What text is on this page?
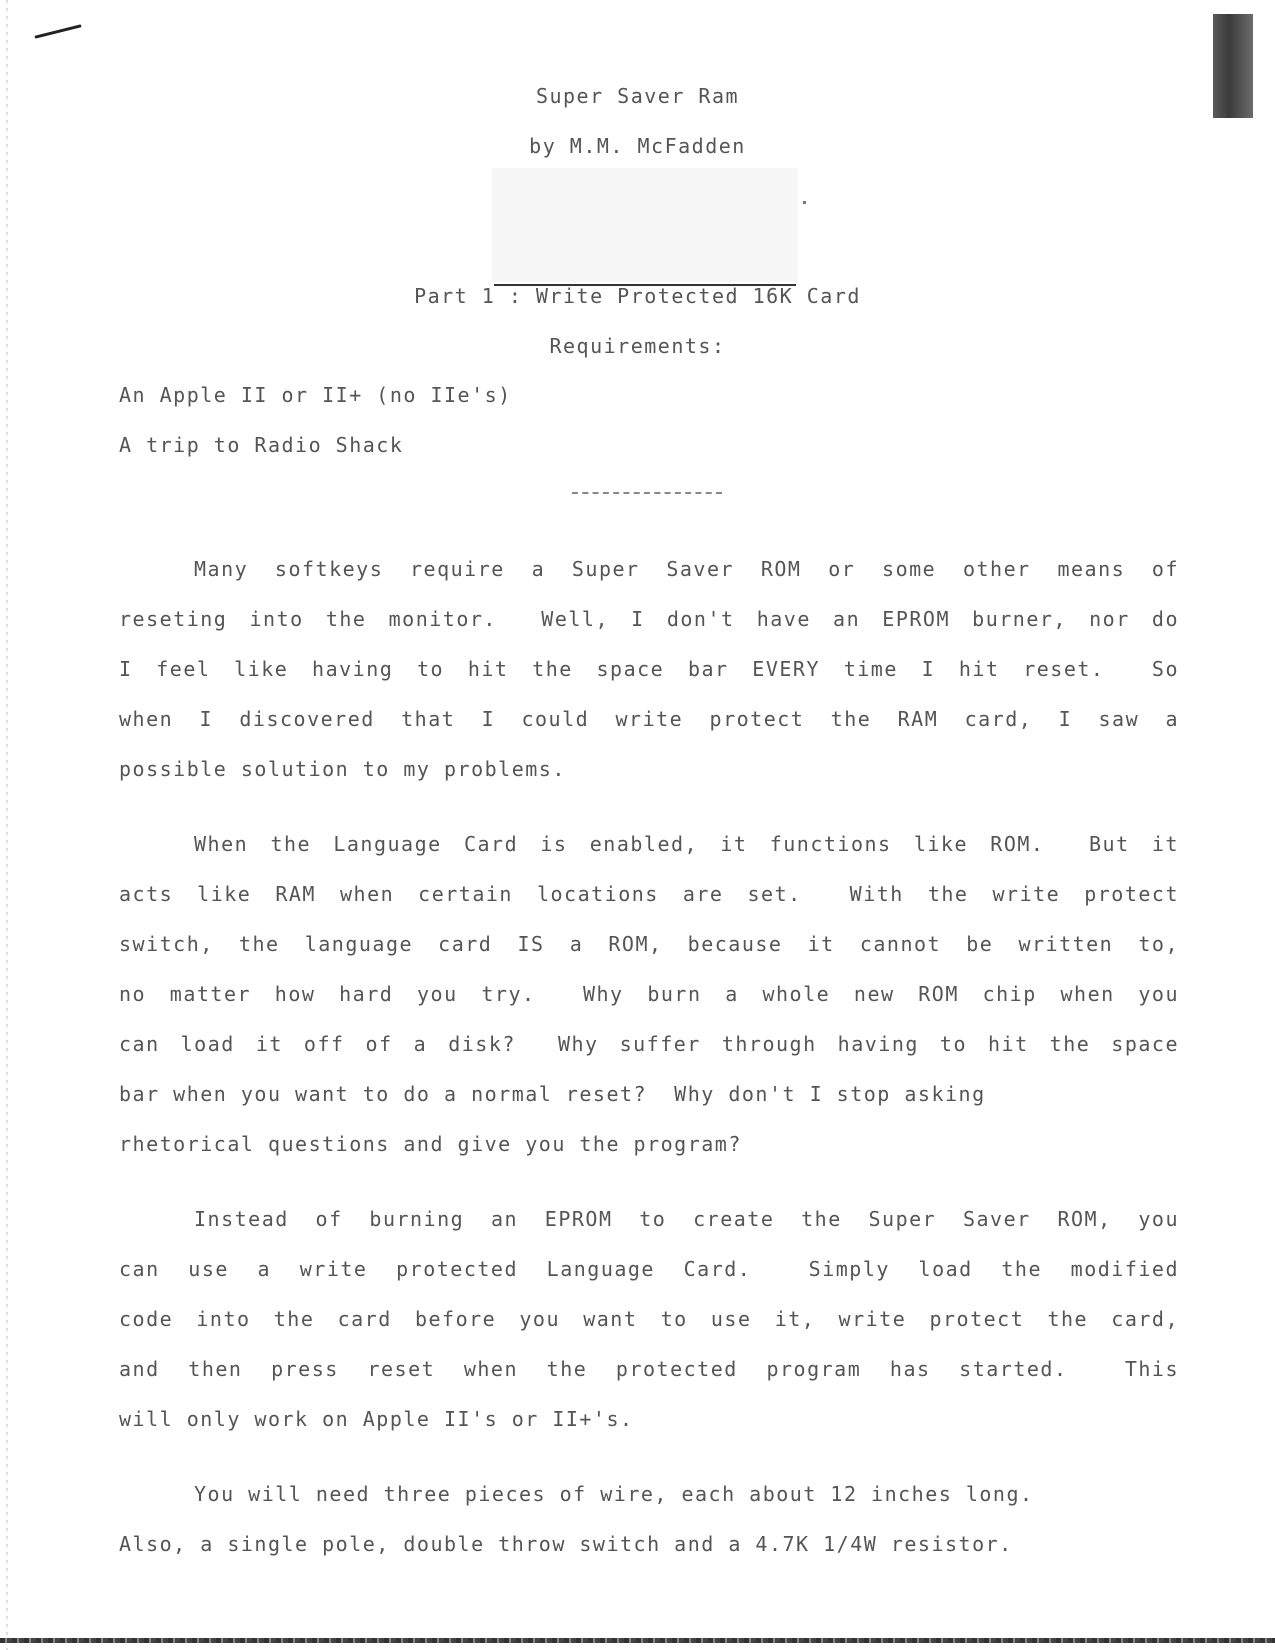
Super Saver Ram
by M.M. McFadden
Part 1 : Write Protected 16K Card
Requirements:
An Apple II or II+ (no IIe's)
A trip to Radio Shack
Many softkeys require a Super Saver ROM or some other means of
reseting into the monitor.  Well, I don't have an EPROM burner, nor do
I feel like having to hit the space bar EVERY time I hit reset.  So
when I discovered that I could write protect the RAM card, I saw a
possible solution to my problems.
When the Language Card is enabled, it functions like ROM.  But it
acts like RAM when certain locations are set.  With the write protect
switch, the language card IS a ROM, because it cannot be written to,
no matter how hard you try.  Why burn a whole new ROM chip when you
can load it off of a disk?  Why suffer through having to hit the space
bar when you want to do a normal reset?  Why don't I stop asking
rhetorical questions and give you the program?
Instead of burning an EPROM to create the Super Saver ROM, you
can use a write protected Language Card.  Simply load the modified
code into the card before you want to use it, write protect the card,
and then press reset when the protected program has started.  This
will only work on Apple II's or II+'s.
You will need three pieces of wire, each about 12 inches long.
Also, a single pole, double throw switch and a 4.7K 1/4W resistor.
